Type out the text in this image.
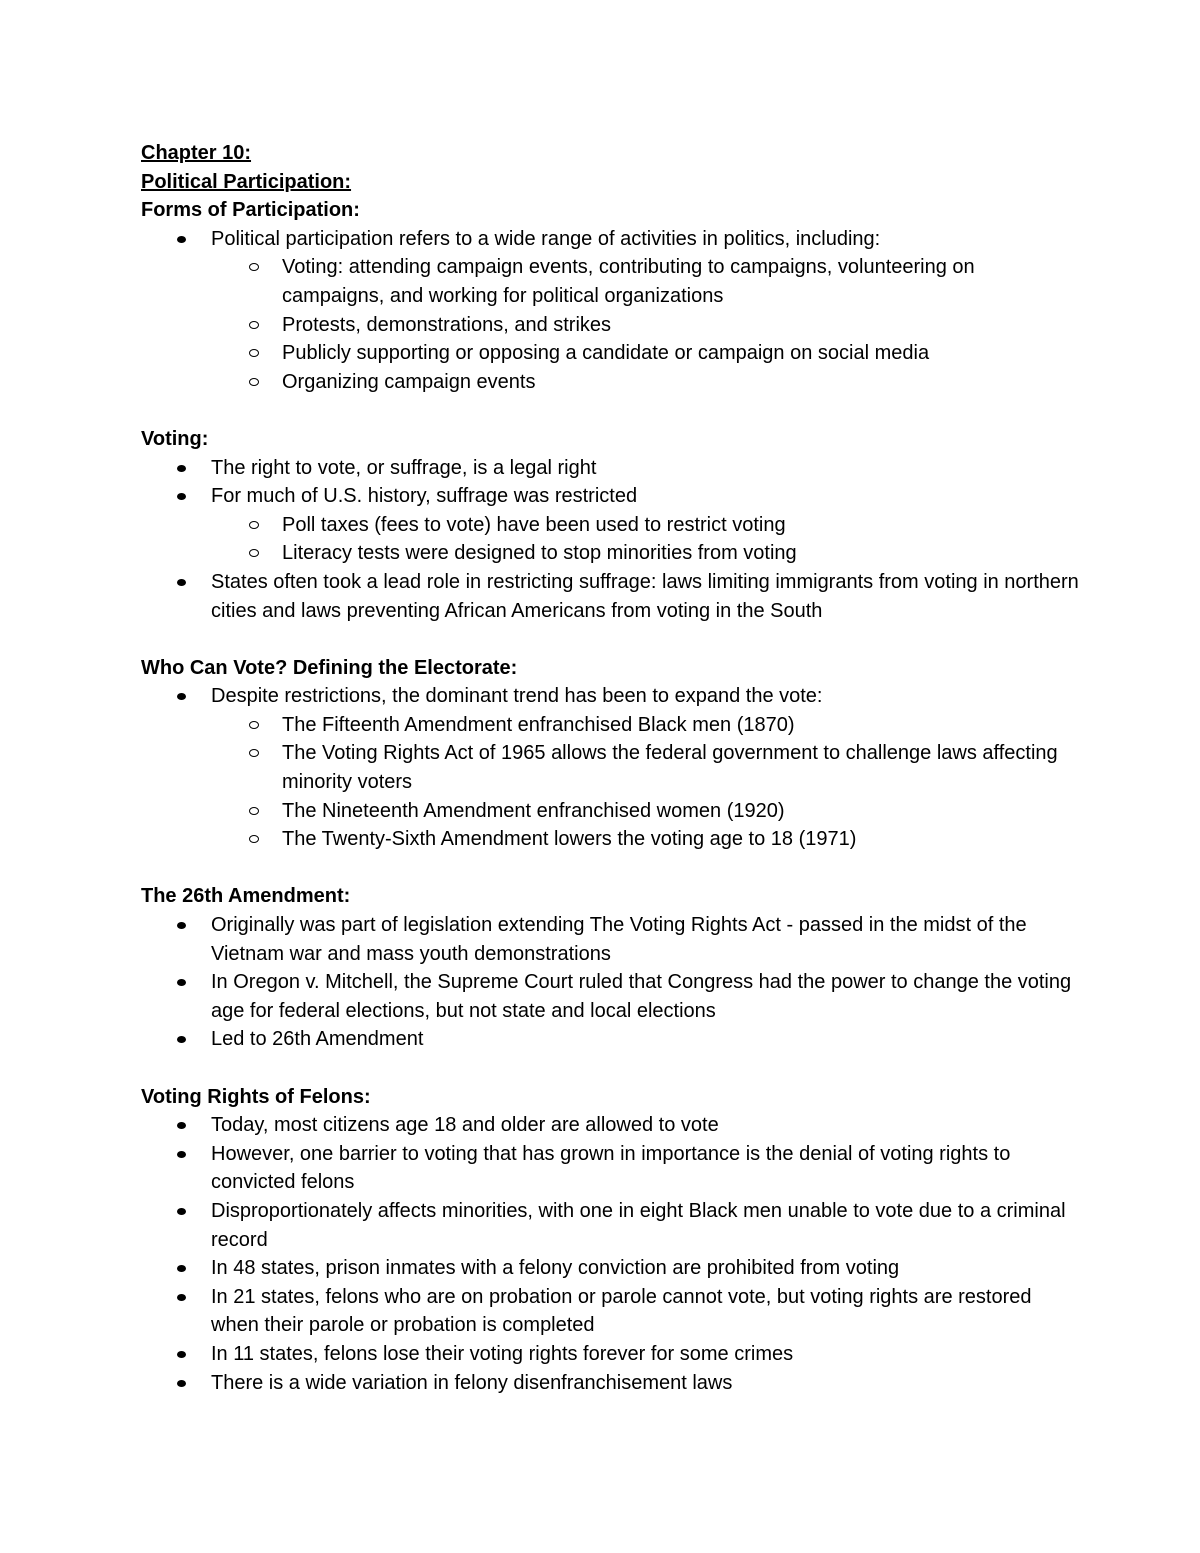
Chapter 10:

Political Participation:

Forms of Participation:

Political participation refers to a wide range of activities in politics, including:
Voting: attending campaign events, contributing to campaigns, volunteering on campaigns, and working for political organizations
Protests, demonstrations, and strikes
Publicly supporting or opposing a candidate or campaign on social media
Organizing campaign events

Voting:

The right to vote, or suffrage, is a legal right
For much of U.S. history, suffrage was restricted
Poll taxes (fees to vote) have been used to restrict voting
Literacy tests were designed to stop minorities from voting
States often took a lead role in restricting suffrage: laws limiting immigrants from voting in northern cities and laws preventing African Americans from voting in the South

Who Can Vote? Defining the Electorate:

Despite restrictions, the dominant trend has been to expand the vote:
The Fifteenth Amendment enfranchised Black men (1870)
The Voting Rights Act of 1965 allows the federal government to challenge laws affecting minority voters
The Nineteenth Amendment enfranchised women (1920)
The Twenty-Sixth Amendment lowers the voting age to 18 (1971)

The 26th Amendment:

Originally was part of legislation extending The Voting Rights Act - passed in the midst of the Vietnam war and mass youth demonstrations
In Oregon v. Mitchell, the Supreme Court ruled that Congress had the power to change the voting age for federal elections, but not state and local elections
Led to 26th Amendment

Voting Rights of Felons:

Today, most citizens age 18 and older are allowed to vote
However, one barrier to voting that has grown in importance is the denial of voting rights to convicted felons
Disproportionately affects minorities, with one in eight Black men unable to vote due to a criminal record
In 48 states, prison inmates with a felony conviction are prohibited from voting
In 21 states, felons who are on probation or parole cannot vote, but voting rights are restored when their parole or probation is completed
In 11 states, felons lose their voting rights forever for some crimes
There is a wide variation in felony disenfranchisement laws
